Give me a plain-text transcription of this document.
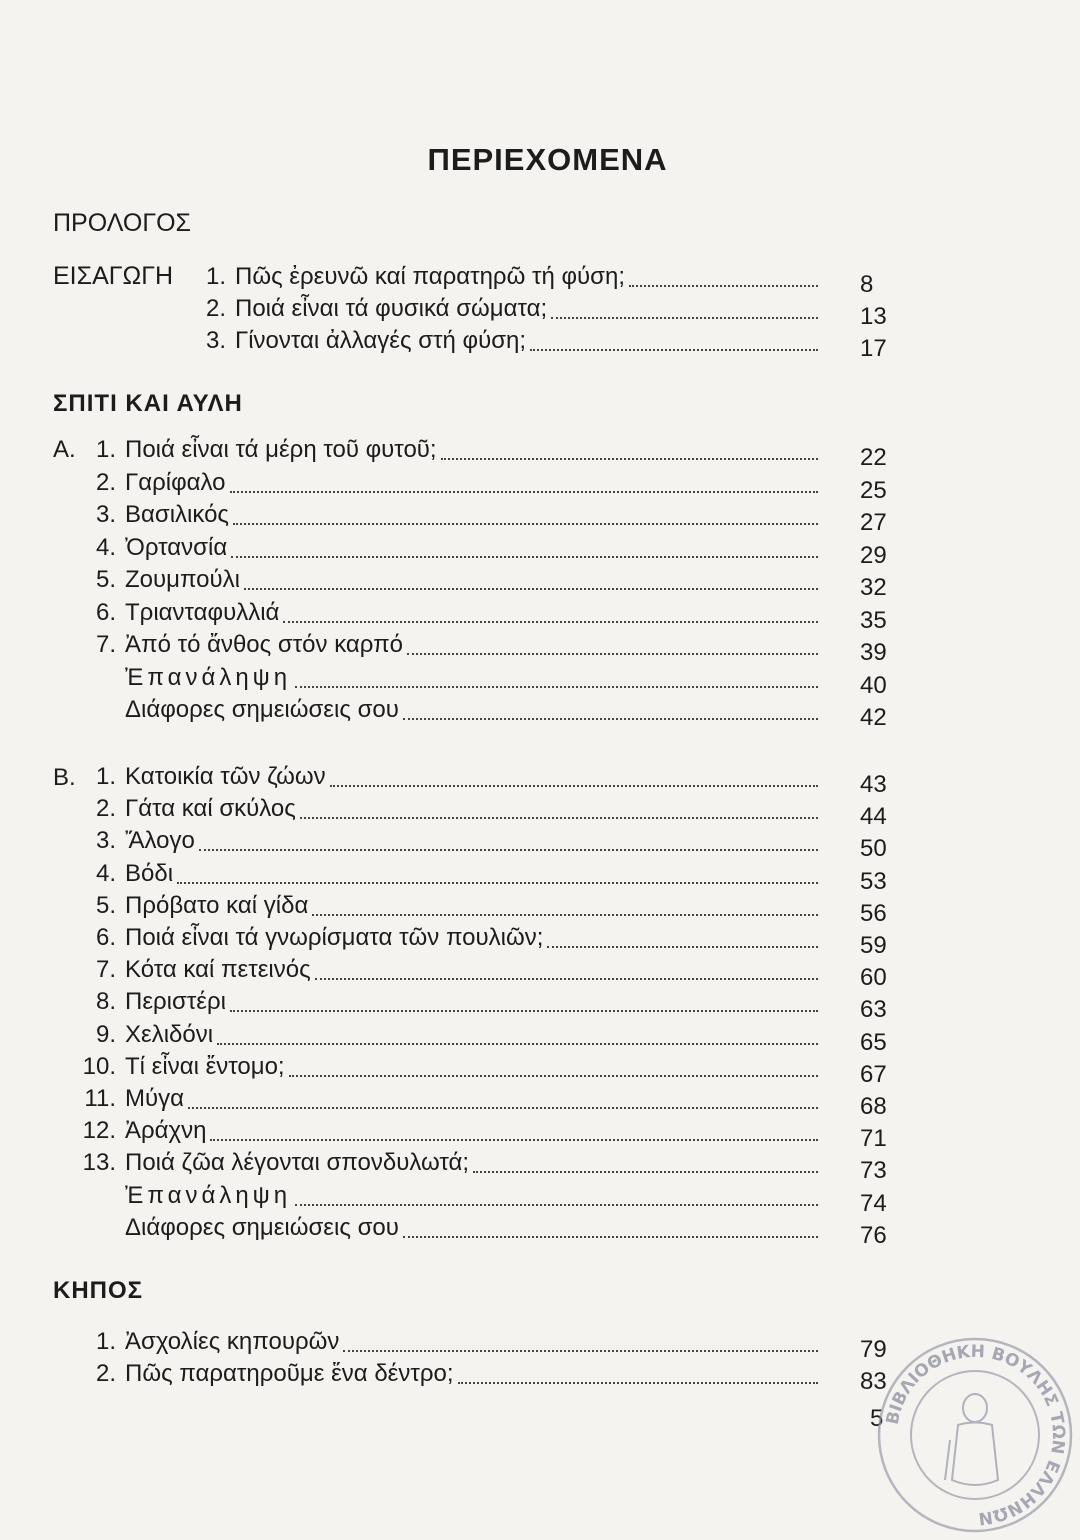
ΠΕΡΙΕΧΟΜΕΝΑ
ΠΡΟΛΟΓΟΣ
ΕΙΣΑΓΩΓΗ	1. Πῶς ἐρευνῶ καί παρατηρῶ τή φύση;	8
2. Ποιά εἶναι τά φυσικά σώματα;	13
3. Γίνονται ἀλλαγές στή φύση;	17
ΣΠΙΤΙ ΚΑΙ ΑΥΛΗ
Α. 1. Ποιά εἶναι τά μέρη τοῦ φυτοῦ;	22
2. Γαρίφαλο	25
3. Βασιλικός	27
4. Ὀρτανσία	29
5. Ζουμπούλι	32
6. Τριανταφυλλιά	35
7. Ἀπό τό ἄνθος στόν καρπό	39
Ἐπανάληψη	40
Διάφορες σημειώσεις σου	42
Β. 1. Κατοικία τῶν ζώων	43
2. Γάτα καί σκύλος	44
3. Ἄλογο	50
4. Βόδι	53
5. Πρόβατο καί γίδα	56
6. Ποιά εἶναι τά γνωρίσματα τῶν πουλιῶν;	59
7. Κότα καί πετεινός	60
8. Περιστέρι	63
9. Χελιδόνι	65
10. Τί εἶναι ἔντομο;	67
11. Μύγα	68
12. Ἀράχνη	71
13. Ποιά ζῶα λέγονται σπονδυλωτά;	73
Ἐπανάληψη	74
Διάφορες σημειώσεις σου	76
ΚΗΠΟΣ
1. Ἀσχολίες κηπουρῶν	79
2. Πῶς παρατηροῦμε ἕνα δέντρο;	83
5 ΒΙΒΛΙΟΘΗΚΗ ΒΟΥΛΗΣ ΤΩΝ ΕΛΛΗΝΩΝ
